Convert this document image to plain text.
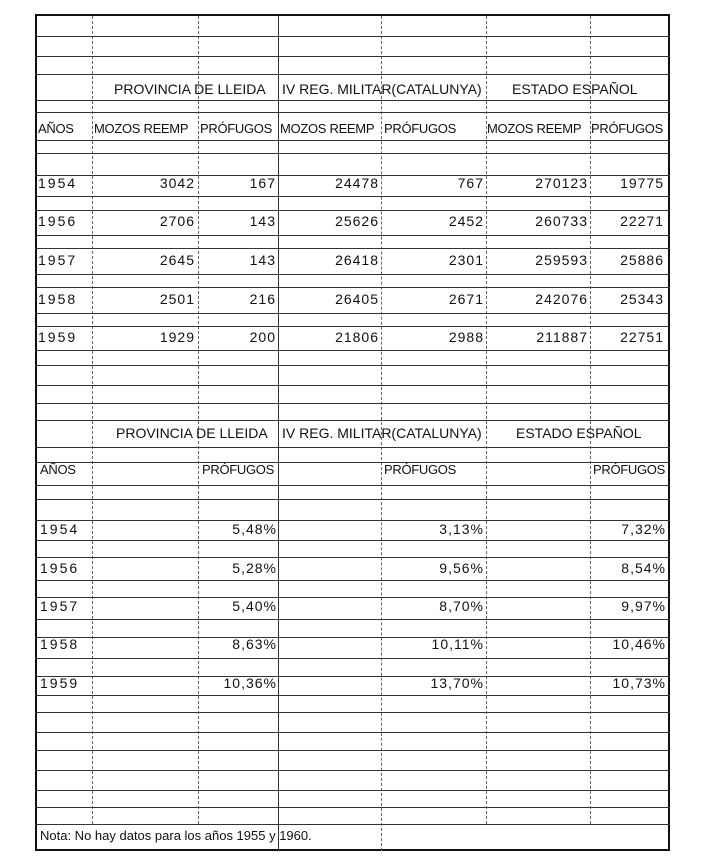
PROVINCIA DE LLEIDA IV REG. MILITAR(CATALUNYA) ESTADO ESPAÑOL
AÑOS MOZOS REEMP PRÓFUGOS MOZOS REEMP PRÓFUGOS MOZOS REEMP PRÓFUGOS
1954	3042	167	24478	767	270123	19775
1956	2706	143	25626	2452	260733	22271
1957	2645	143	26418	2301	259593	25886
1958	2501	216	26405	2671	242076	25343
1959	1929	200	21806	2988	211887	22751
PROVINCIA DE LLEIDA IV REG. MILITAR(CATALUNYA) ESTADO ESPAÑOL
AÑOS	PRÓFUGOS	PRÓFUGOS	PRÓFUGOS
1954	5,48%	3,13%	7,32%
1956	5,28%	9,56%	8,54%
1957	5,40%	8,70%	9,97%
1958	8,63%	10,11%	10,46%
1959	10,36%	13,70%	10,73%
Nota: No hay datos para los años 1955 y 1960.
